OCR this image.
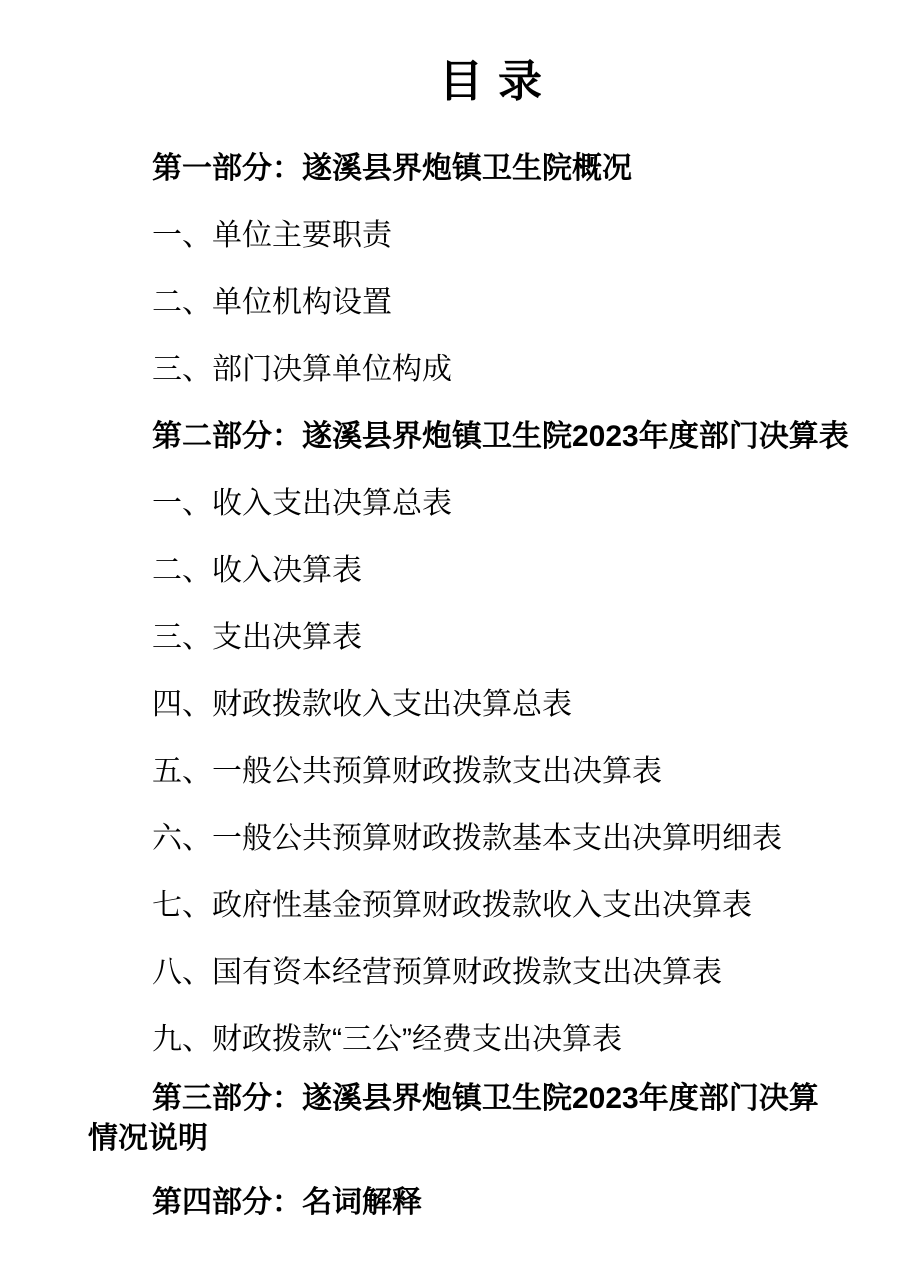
目 录

第一部分：遂溪县界炮镇卫生院概况

一、单位主要职责

二、单位机构设置

三、部门决算单位构成

第二部分：遂溪县界炮镇卫生院2023年度部门决算表

一、收入支出决算总表

二、收入决算表

三、支出决算表

四、财政拨款收入支出决算总表

五、一般公共预算财政拨款支出决算表

六、一般公共预算财政拨款基本支出决算明细表

七、政府性基金预算财政拨款收入支出决算表

八、国有资本经营预算财政拨款支出决算表

九、财政拨款“三公”经费支出决算表

第三部分：遂溪县界炮镇卫生院2023年度部门决算情况说明

第四部分：名词解释
